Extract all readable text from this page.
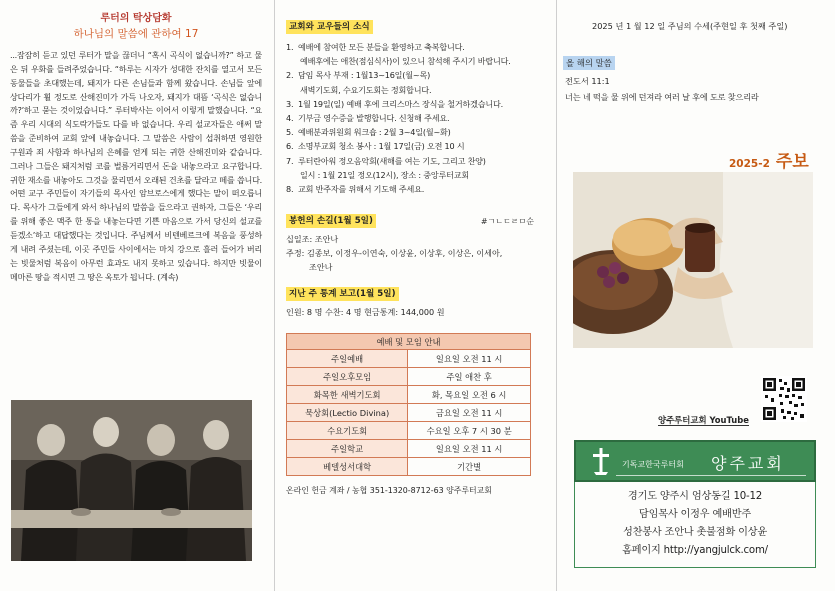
루터의 탁상담화
하나님의 말씀에 관하여 17

...잠잠히 듣고 있던 루터가 말을 끊더니 “혹시 곡식이 없습니까?” 하고 물은 뒤 우화를 들려주었습니다. “하루는 시자가 성대한 잔치를 열고서 모든 동물들을 초대했는데, 돼지가 다른 손님들과 함께 왔습니다. 손님들 앞에 상다리가 휠 정도로 산해진미가 가득 나오자, 돼지가 대뜸 ‘곡식은 없습니까?’하고 묻는 것이었습니다.” 루터박사는 이어서 이렇게 말했습니다. “요즘 우리 시대의 식도락가들도 다를 바 없습니다. 우리 설교자들은 애써 말씀을 준비하여 교회 앞에 내놓습니다. 그 말씀은 사람이 섭취하면 영원한 구원과 죄 사함과 하나님의 은혜를 얻게 되는 귀한 산해진미와 같습니다. 그러나 그들은 돼지처럼 코를 벌름거리면서 돈을 내놓으라고 요구합니다. 귀한 재소를 내놓아도 그것을 물리면서 오래된 건초를 달라고 떼를 씁니다. 어떤 교구 주민들이 자기들의 목사인 암브로스에게 했다는 말이 떠오릅니다. 목사가 그들에게 와서 하나님의 말씀을 들으라고 권하자, 그들은 ‘우리를 위해 좋은 맥주 한 통을 내놓는다면 기쁜 마음으로 가서 당신의 설교를 듣겠소’하고 대답했다는 것입니다. 주님께서 비텐베르크에 복음을 풍성하게 내려 주셨는데, 이곳 주민들 사이에서는 마치 강으로 흘러 들어가 버리는 빗물처럼 복음이 아무런 효과도 내지 못하고 있습니다. 하지만 빗물이 메마른 땅을 적시면 그 땅은 옥토가 됩니다. (계속)

교회와 교우들의 소식
1. 예배에 참여한 모든 분들을 환영하고 축복합니다.
예배후에는 애찬(점심식사)이 있으니 참석해 주시기 바랍니다.
2. 담임 목사 부재 : 1월13~16일(월~목)
새벽기도회, 수요기도회는 정회합니다.
3. 1월 19일(일) 예배 후에 크리스마스 장식을 철거하겠습니다.
4. 기부금 영수증을 발행합니다. 신청해 주세요.
5. 예배분과위원회 워크숍 : 2월 3~4일(월~화)
6. 소명부교회 청소 봉사 : 1월 17일(금) 오전 10 시
7. 루터란아워 정오음악회(새해를 여는 기도, 그리고 찬양)
일시 : 1월 21일 정오(12시), 장소 : 중앙루터교회
8. 교회 반주자를 위해서 기도해 주세요.
봉헌의 손길(1월 5일)	#ㄱㄴㄷㄹㅁ순
십일조: 조안나
주정: 김종보, 이정우-이연숙, 이상윤, 이상후, 이상은, 이세아,
조안나
지난 주 통계 보고(1월 5일)
인원: 8 명 수찬: 4 명 현금통계: 144,000 원
예배 및 모임 안내	
주일예배	일요일 오전 11 시
주일오후모임	주일 애찬 후
화목한 새벽기도회	화, 목요일 오전 6 시
묵상회(Lectio Divina)	금요일 오전 11 시
수요기도회	수요일 오후 7 시 30 분
주일학교	일요일 오전 11 시
베델성서대학	기간별
온라인 헌금 계좌 / 농협 351-1320-8712-63 양주루터교회
2025 년 1 월 12 일 주님의 수세(주현일 후 첫째 주일)
올 해의 말씀
전도서 11:1
너는 네 떡을 물 위에 던져라 여러 날 후에 도로 찾으리라
2025-2 주보
양주루터교회 YouTube
기독교한국루터회 양주교회
경기도 양주시 엄상동길 10-12
담임목사 이정우 예배반주
성찬봉사 조안나 촛불점화 이상윤
홈페이지 http://yangjulck.com/
